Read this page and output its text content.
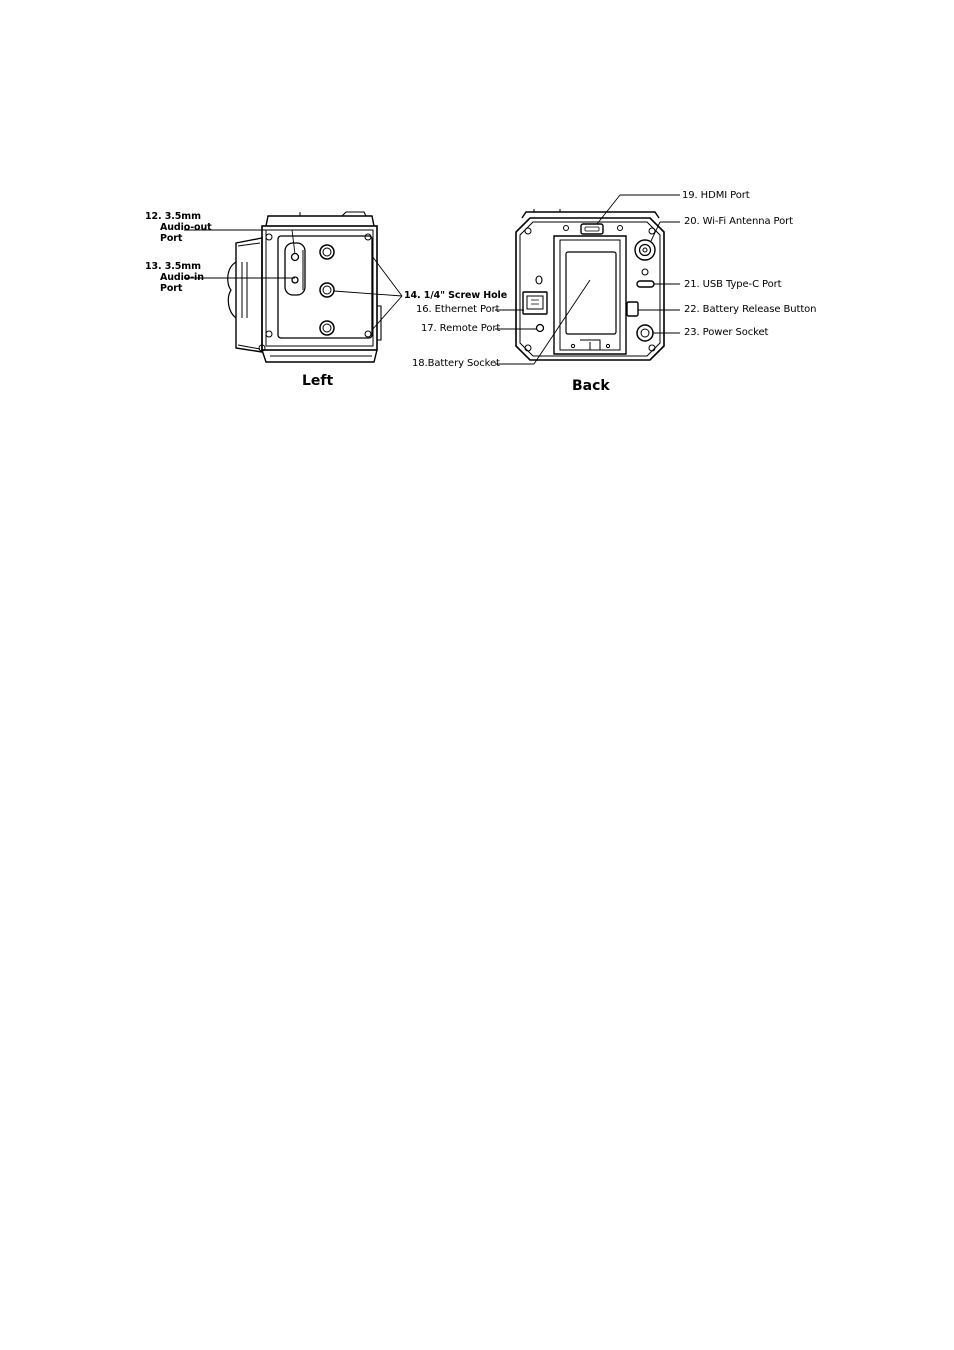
12. 3.5mm
Audio-out
Port
13. 3.5mm
Audio-in
Port
14. 1/4" Screw Hole
Left
19. HDMI Port
20. Wi-Fi Antenna Port
21. USB Type-C Port
22. Battery Release Button
23. Power Socket
16. Ethernet Port
17. Remote Port
18.Battery Socket
Back
